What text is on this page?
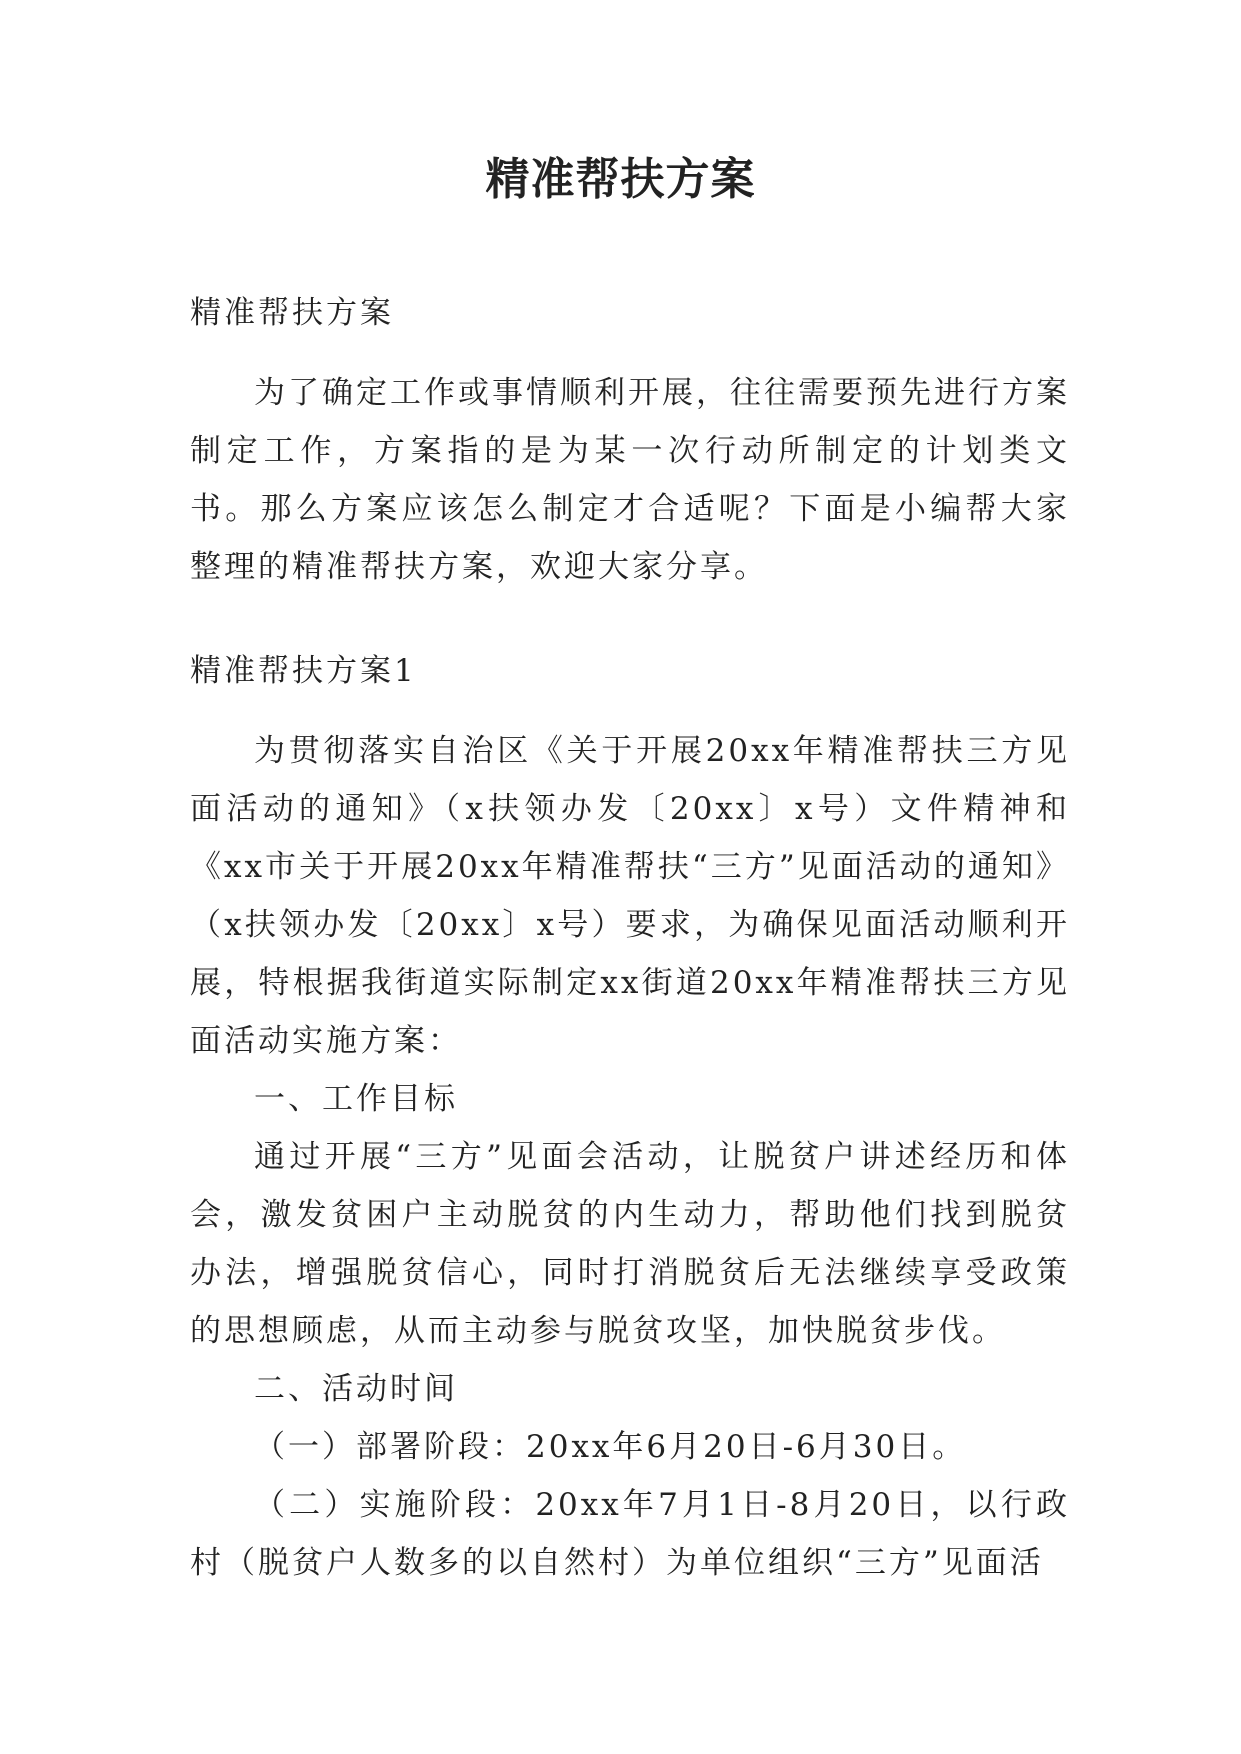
精准帮扶方案

精准帮扶方案

为了确定工作或事情顺利开展，往往需要预先进行方案制定工作，方案指的是为某一次行动所制定的计划类文书。那么方案应该怎么制定才合适呢？下面是小编帮大家整理的精准帮扶方案，欢迎大家分享。

精准帮扶方案1

为贯彻落实自治区《关于开展20xx年精准帮扶三方见面活动的通知》（x扶领办发〔20xx〕x号）文件精神和《xx市关于开展20xx年精准帮扶“三方”见面活动的通知》（x扶领办发〔20xx〕x号）要求，为确保见面活动顺利开展，特根据我街道实际制定xx街道20xx年精准帮扶三方见面活动实施方案：

一、工作目标

通过开展“三方”见面会活动，让脱贫户讲述经历和体会，激发贫困户主动脱贫的内生动力，帮助他们找到脱贫办法，增强脱贫信心，同时打消脱贫后无法继续享受政策的思想顾虑，从而主动参与脱贫攻坚，加快脱贫步伐。

二、活动时间

（一）部署阶段：20xx年6月20日-6月30日。

（二）实施阶段：20xx年7月1日-8月20日，以行政村（脱贫户人数多的以自然村）为单位组织“三方”见面活
